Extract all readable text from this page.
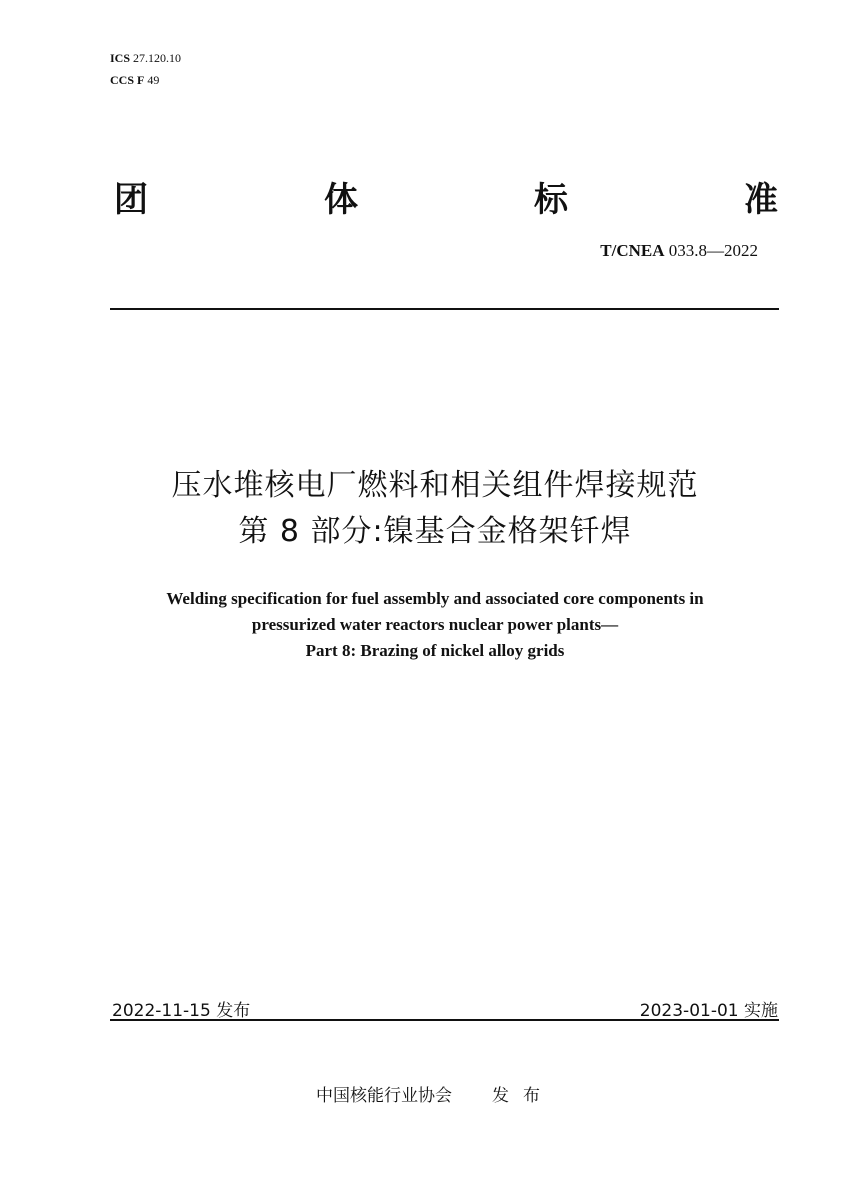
ICS 27.120.10
CCS F 49
团	体	标	准
T/CNEA 033.8—2022
压水堆核电厂燃料和相关组件焊接规范
第 8 部分:镍基合金格架钎焊
Welding specification for fuel assembly and associated core components in
pressurized water reactors nuclear power plants—
Part 8: Brazing of nickel alloy grids
2022-11-15 发布	2023-01-01 实施
中国核能行业协会 发布
